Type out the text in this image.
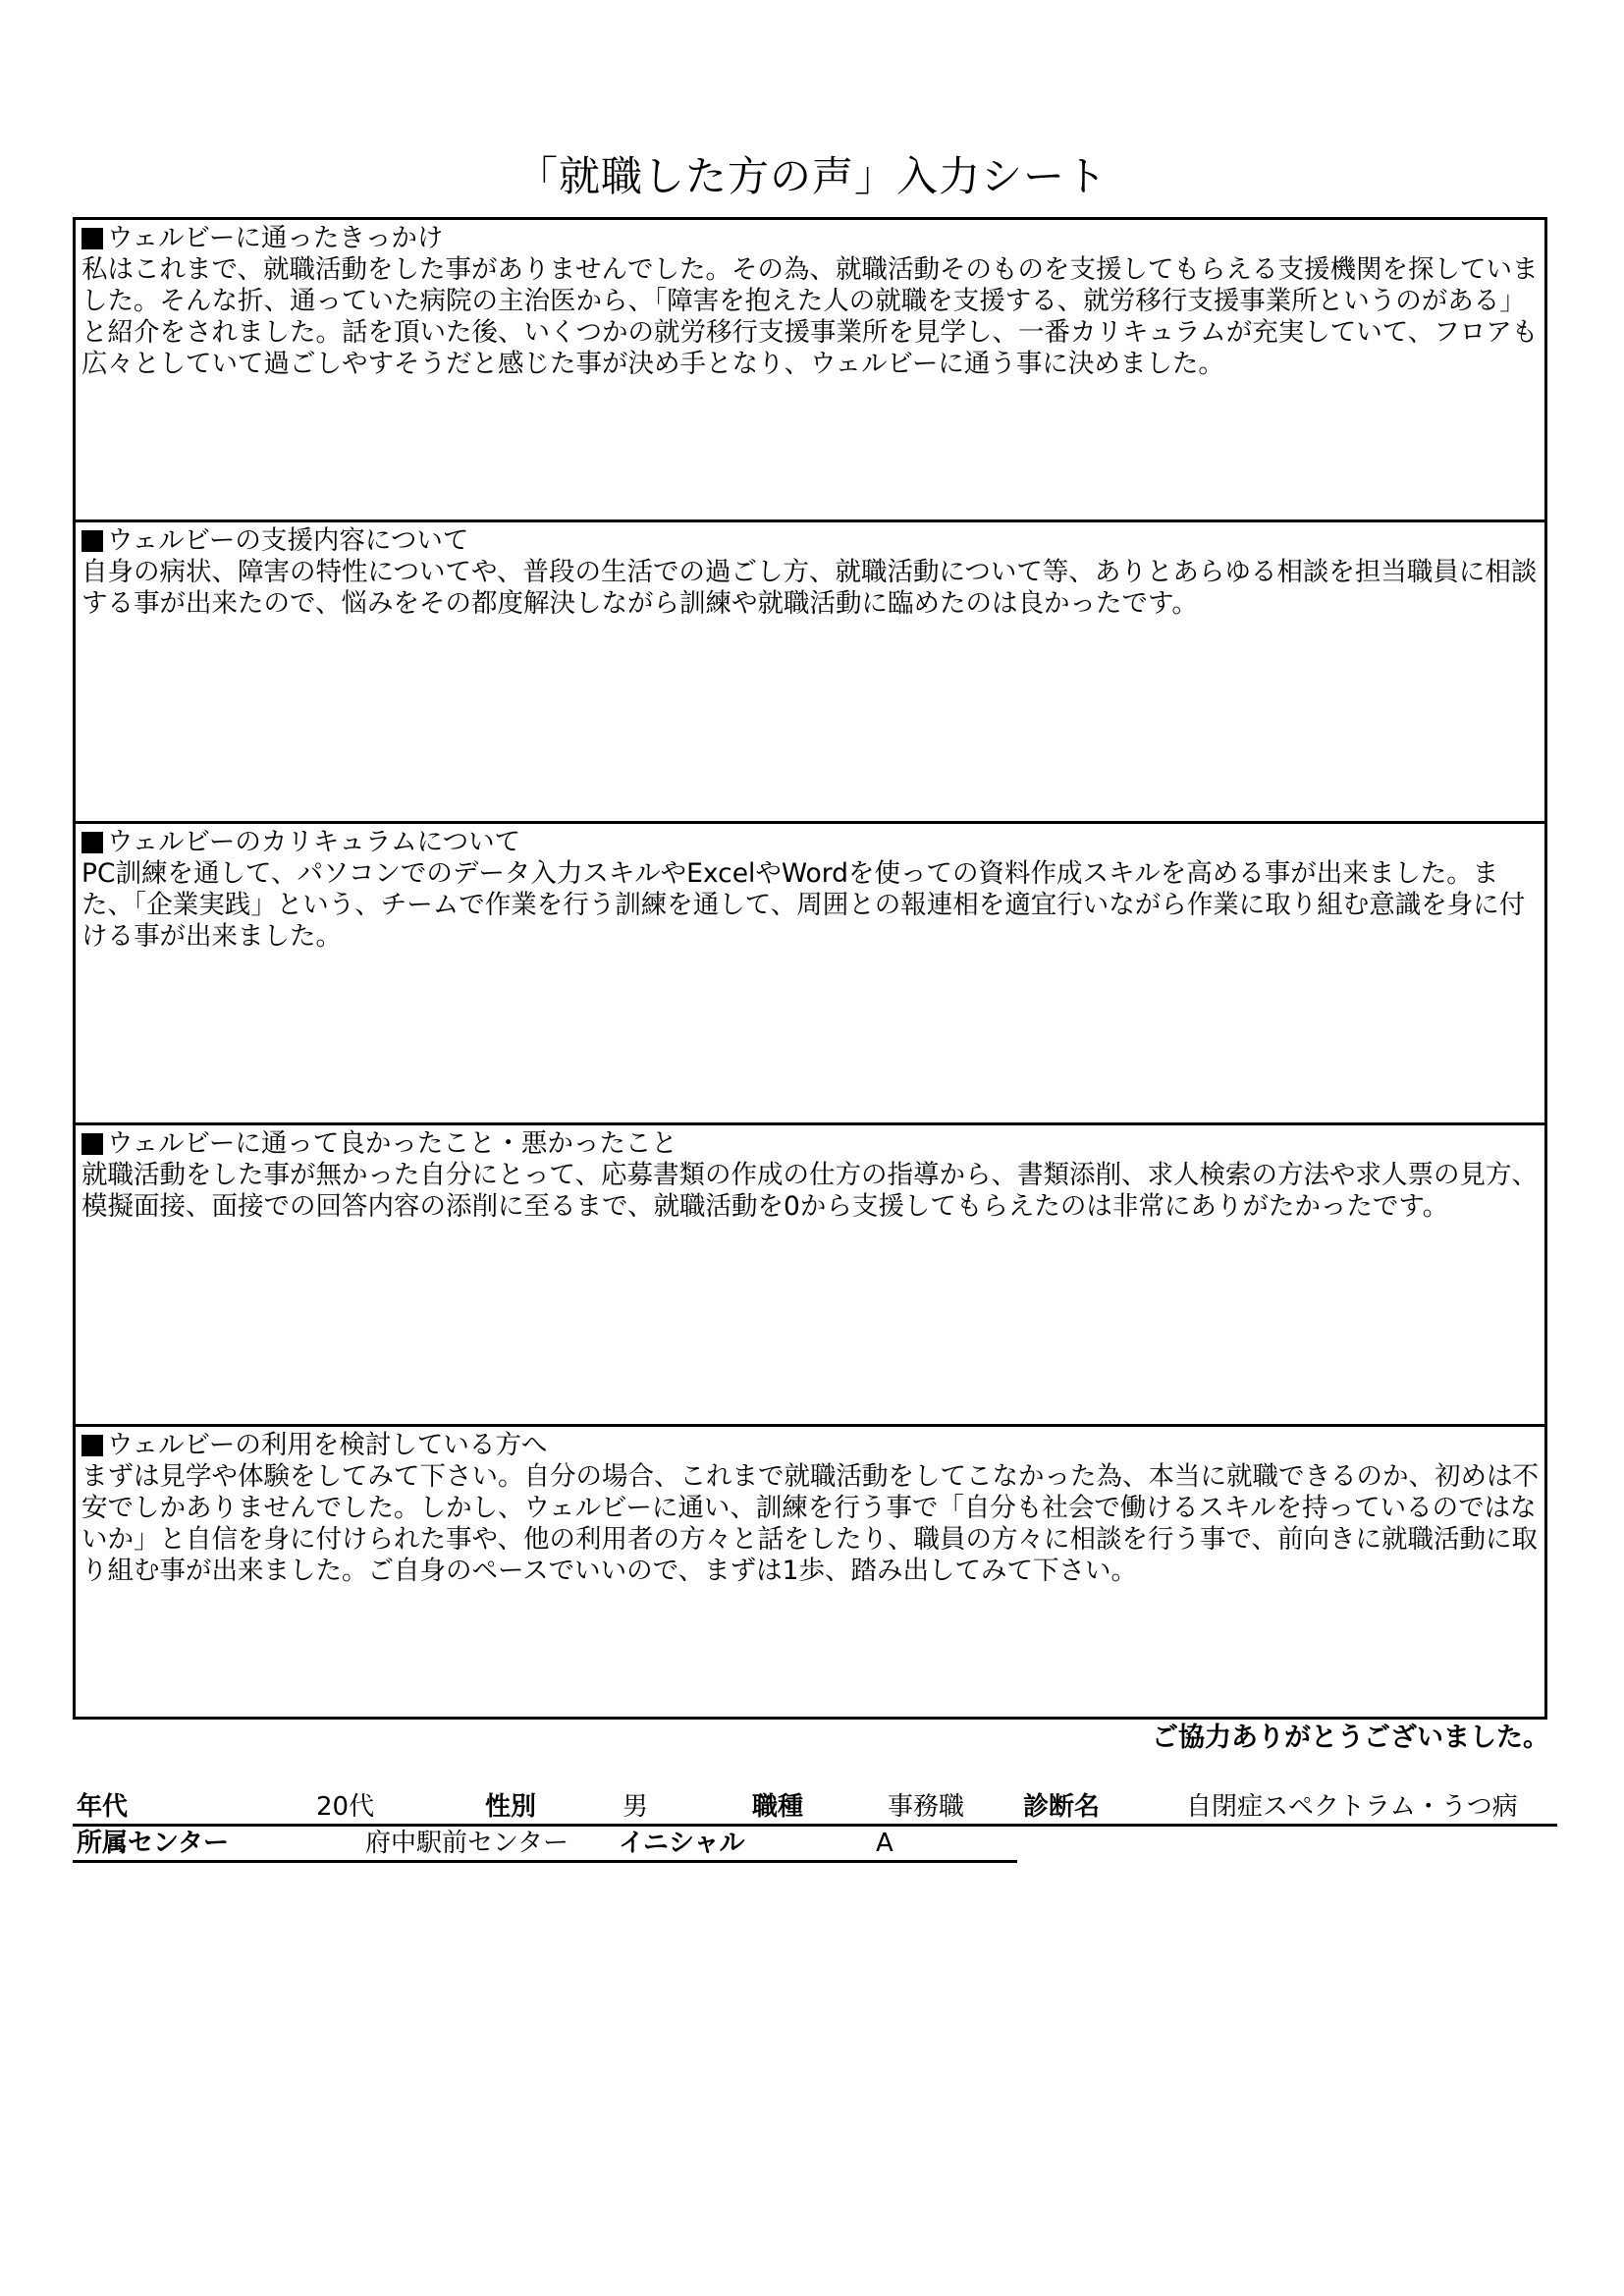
「就職した方の声」入力シート
ウェルビーに通ったきっかけ
私はこれまで、就職活動をした事がありませんでした。その為、就職活動そのものを支援してもらえる支援機関を探していました。そんな折、通っていた病院の主治医から、「障害を抱えた人の就職を支援する、就労移行支援事業所というのがある」と紹介をされました。話を頂いた後、いくつかの就労移行支援事業所を見学し、一番カリキュラムが充実していて、フロアも広々としていて過ごしやすそうだと感じた事が決め手となり、ウェルビーに通う事に決めました。
ウェルビーの支援内容について
自身の病状、障害の特性についてや、普段の生活での過ごし方、就職活動について等、ありとあらゆる相談を担当職員に相談する事が出来たので、悩みをその都度解決しながら訓練や就職活動に臨めたのは良かったです。
ウェルビーのカリキュラムについて
PC訓練を通して、パソコンでのデータ入力スキルやExcelやWordを使っての資料作成スキルを高める事が出来ました。また、「企業実践」という、チームで作業を行う訓練を通して、周囲との報連相を適宜行いながら作業に取り組む意識を身に付ける事が出来ました。
ウェルビーに通って良かったこと・悪かったこと
就職活動をした事が無かった自分にとって、応募書類の作成の仕方の指導から、書類添削、求人検索の方法や求人票の見方、模擬面接、面接での回答内容の添削に至るまで、就職活動を0から支援してもらえたのは非常にありがたかったです。
ウェルビーの利用を検討している方へ
まずは見学や体験をしてみて下さい。自分の場合、これまで就職活動をしてこなかった為、本当に就職できるのか、初めは不安でしかありませんでした。しかし、ウェルビーに通い、訓練を行う事で「自分も社会で働けるスキルを持っているのではないか」と自信を身に付けられた事や、他の利用者の方々と話をしたり、職員の方々に相談を行う事で、前向きに就職活動に取り組む事が出来ました。ご自身のペースでいいので、まずは1歩、踏み出してみて下さい。
ご協力ありがとうございました。
年代	20代	性別	男	職種	事務職 診断名	自閉症スペクトラム・うつ病
所属センター	府中駅前センター イニシャル	A
